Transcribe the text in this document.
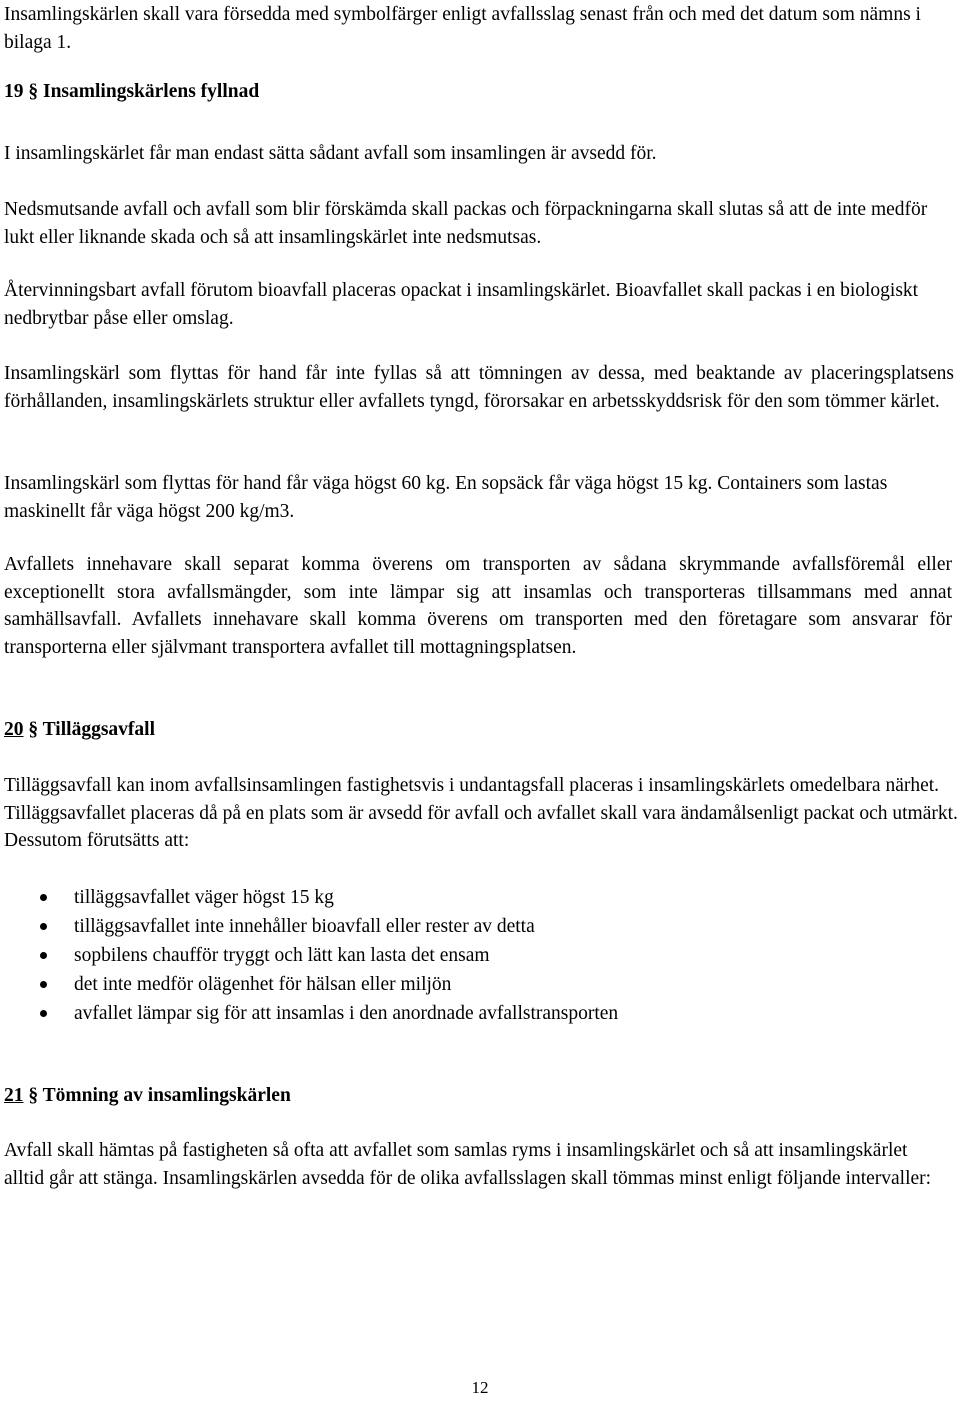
Insamlingskärlen skall vara försedda med symbolfärger enligt avfallsslag senast från och med det datum som nämns i bilaga 1.

19 § Insamlingskärlens fyllnad

I insamlingskärlet får man endast sätta sådant avfall som insamlingen är avsedd för.

Nedsmutsande avfall och avfall som blir förskämda skall packas och förpackningarna skall slutas så att de inte medför lukt eller liknande skada och så att insamlingskärlet inte nedsmutsas.

Återvinningsbart avfall förutom bioavfall placeras opackat i insamlingskärlet. Bioavfallet skall packas i en biologiskt nedbrytbar påse eller omslag.

Insamlingskärl som flyttas för hand får inte fyllas så att tömningen av dessa, med beaktande av placeringsplatsens förhållanden, insamlingskärlets struktur eller avfallets tyngd, förorsakar en arbetsskyddsrisk för den som tömmer kärlet.

Insamlingskärl som flyttas för hand får väga högst 60 kg. En sopsäck får väga högst 15 kg. Containers som lastas maskinellt får väga högst 200 kg/m3.

Avfallets innehavare skall separat komma överens om transporten av sådana skrymmande avfallsföremål eller exceptionellt stora avfallsmängder, som inte lämpar sig att insamlas och transporteras tillsammans med annat samhällsavfall. Avfallets innehavare skall komma överens om transporten med den företagare som ansvarar för transporterna eller självmant transportera avfallet till mottagningsplatsen.

20 § Tilläggsavfall

Tilläggsavfall kan inom avfallsinsamlingen fastighetsvis i undantagsfall placeras i insamlingskärlets omedelbara närhet. Tilläggsavfallet placeras då på en plats som är avsedd för avfall och avfallet skall vara ändamålsenligt packat och utmärkt. Dessutom förutsätts att:

tilläggsavfallet väger högst 15 kg
tilläggsavfallet inte innehåller bioavfall eller rester av detta
sopbilens chaufför tryggt och lätt kan lasta det ensam
det inte medför olägenhet för hälsan eller miljön
avfallet lämpar sig för att insamlas i den anordnade avfallstransporten

21 § Tömning av insamlingskärlen

Avfall skall hämtas på fastigheten så ofta att avfallet som samlas ryms i insamlingskärlet och så att insamlingskärlet alltid går att stänga. Insamlingskärlen avsedda för de olika avfallsslagen skall tömmas minst enligt följande intervaller:

12
